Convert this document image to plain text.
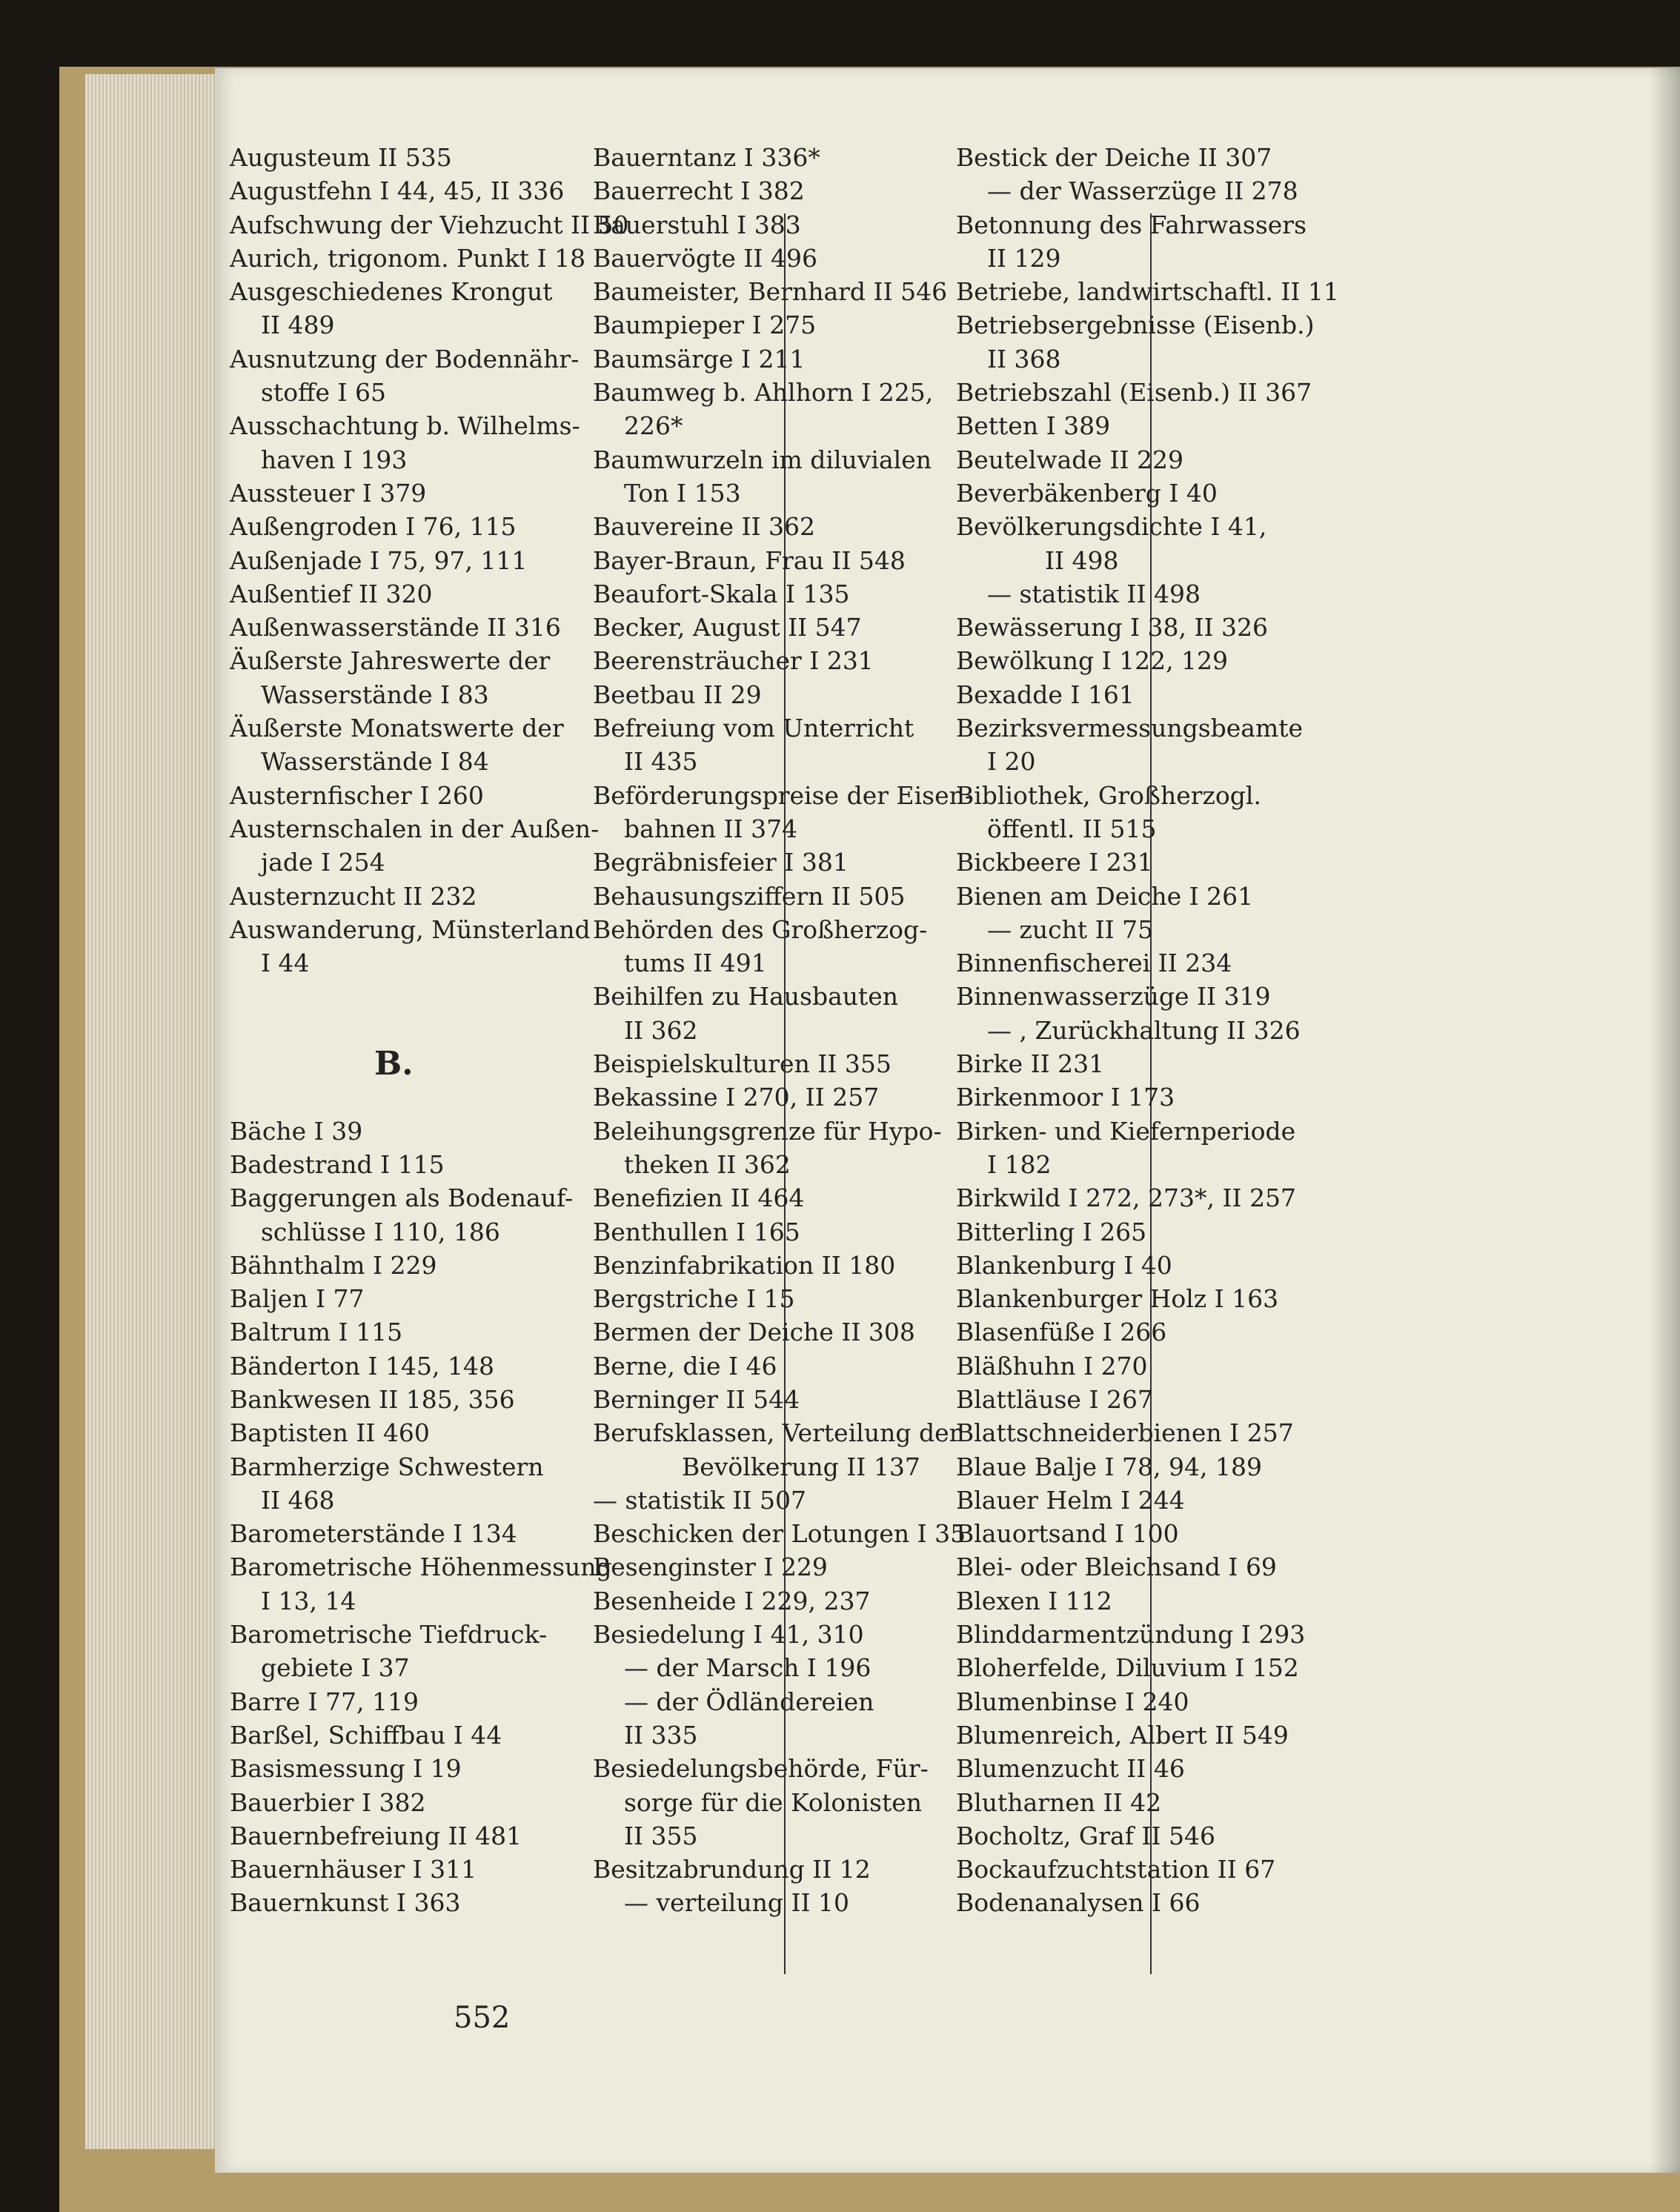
Augusteum II 535
Augustfehn I 44, 45, II 336
Aufschwung der Viehzucht II 50
Aurich, trigonom. Punkt I 18
Ausgeschiedenes Krongut
II 489
Ausnutzung der Bodennähr-
stoffe I 65
Ausschachtung b. Wilhelms-
haven I 193
Aussteuer I 379
Außengroden I 76, 115
Außenjade I 75, 97, 111
Außentief II 320
Außenwasserstände II 316
Äußerste Jahreswerte der
Wasserstände I 83
Äußerste Monatswerte der
Wasserstände I 84
Austernfischer I 260
Austernschalen in der Außen-
jade I 254
Austernzucht II 232
Auswanderung, Münsterland
I 44
B.
Bäche I 39
Badestrand I 115
Baggerungen als Bodenauf-
schlüsse I 110, 186
Bähnthalm I 229
Baljen I 77
Baltrum I 115
Bänderton I 145, 148
Bankwesen II 185, 356
Baptisten II 460
Barmherzige Schwestern
II 468
Barometerstände I 134
Barometrische Höhenmessung
I 13, 14
Barometrische Tiefdruck-
gebiete I 37
Barre I 77, 119
Barßel, Schiffbau I 44
Basismessung I 19
Bauerbier I 382
Bauernbefreiung II 481
Bauernhäuser I 311
Bauernkunst I 363
Bauerntanz I 336*
Bauerrecht I 382
Bauerstuhl I 383
Bauervögte II 496
Baumeister, Bernhard II 546
Baumpieper I 275
Baumsärge I 211
Baumweg b. Ahlhorn I 225,
226*
Baumwurzeln im diluvialen
Ton I 153
Bauvereine II 362
Bayer-Braun, Frau II 548
Beaufort-Skala I 135
Becker, August II 547
Beerensträucher I 231
Beetbau II 29
Befreiung vom Unterricht
II 435
Beförderungspreise der Eisen-
bahnen II 374
Begräbnisfeier I 381
Behausungsziffern II 505
Behörden des Großherzog-
tums II 491
Beihilfen zu Hausbauten
II 362
Beispielskulturen II 355
Bekassine I 270, II 257
Beleihungsgrenze für Hypo-
theken II 362
Benefizien II 464
Benthullen I 165
Benzinfabrikation II 180
Bergstriche I 15
Bermen der Deiche II 308
Berne, die I 46
Berninger II 544
Berufsklassen, Verteilung der
Bevölkerung II 137
— statistik II 507
Beschicken der Lotungen I 35
Besenginster I 229
Besenheide I 229, 237
Besiedelung I 41, 310
— der Marsch I 196
— der Ödländereien
II 335
Besiedelungsbehörde, Für-
sorge für die Kolonisten
II 355
Besitzabrundung II 12
— verteilung II 10
Bestick der Deiche II 307
— der Wasserzüge II 278
Betonnung des Fahrwassers
II 129
Betriebe, landwirtschaftl. II 11
Betriebsergebnisse (Eisenb.)
II 368
Betriebszahl (Eisenb.) II 367
Betten I 389
Beutelwade II 229
Beverbäkenberg I 40
Bevölkerungsdichte I 41,
II 498
— statistik II 498
Bewässerung I 38, II 326
Bewölkung I 122, 129
Bexadde I 161
Bezirksvermessungsbeamte
I 20
Bibliothek, Großherzogl.
öffentl. II 515
Bickbeere I 231
Bienen am Deiche I 261
— zucht II 75
Binnenfischerei II 234
Binnenwasserzüge II 319
— , Zurückhaltung II 326
Birke II 231
Birkenmoor I 173
Birken- und Kiefernperiode
I 182
Birkwild I 272, 273*, II 257
Bitterling I 265
Blankenburg I 40
Blankenburger Holz I 163
Blasenfüße I 266
Bläßhuhn I 270
Blattläuse I 267
Blattschneiderbienen I 257
Blaue Balje I 78, 94, 189
Blauer Helm I 244
Blauortsand I 100
Blei- oder Bleichsand I 69
Blexen I 112
Blinddarmentzündung I 293
Bloherfelde, Diluvium I 152
Blumenbinse I 240
Blumenreich, Albert II 549
Blumenzucht II 46
Blutharnen II 42
Bocholtz, Graf II 546
Bockaufzuchtstation II 67
Bodenanalysen I 66
552
